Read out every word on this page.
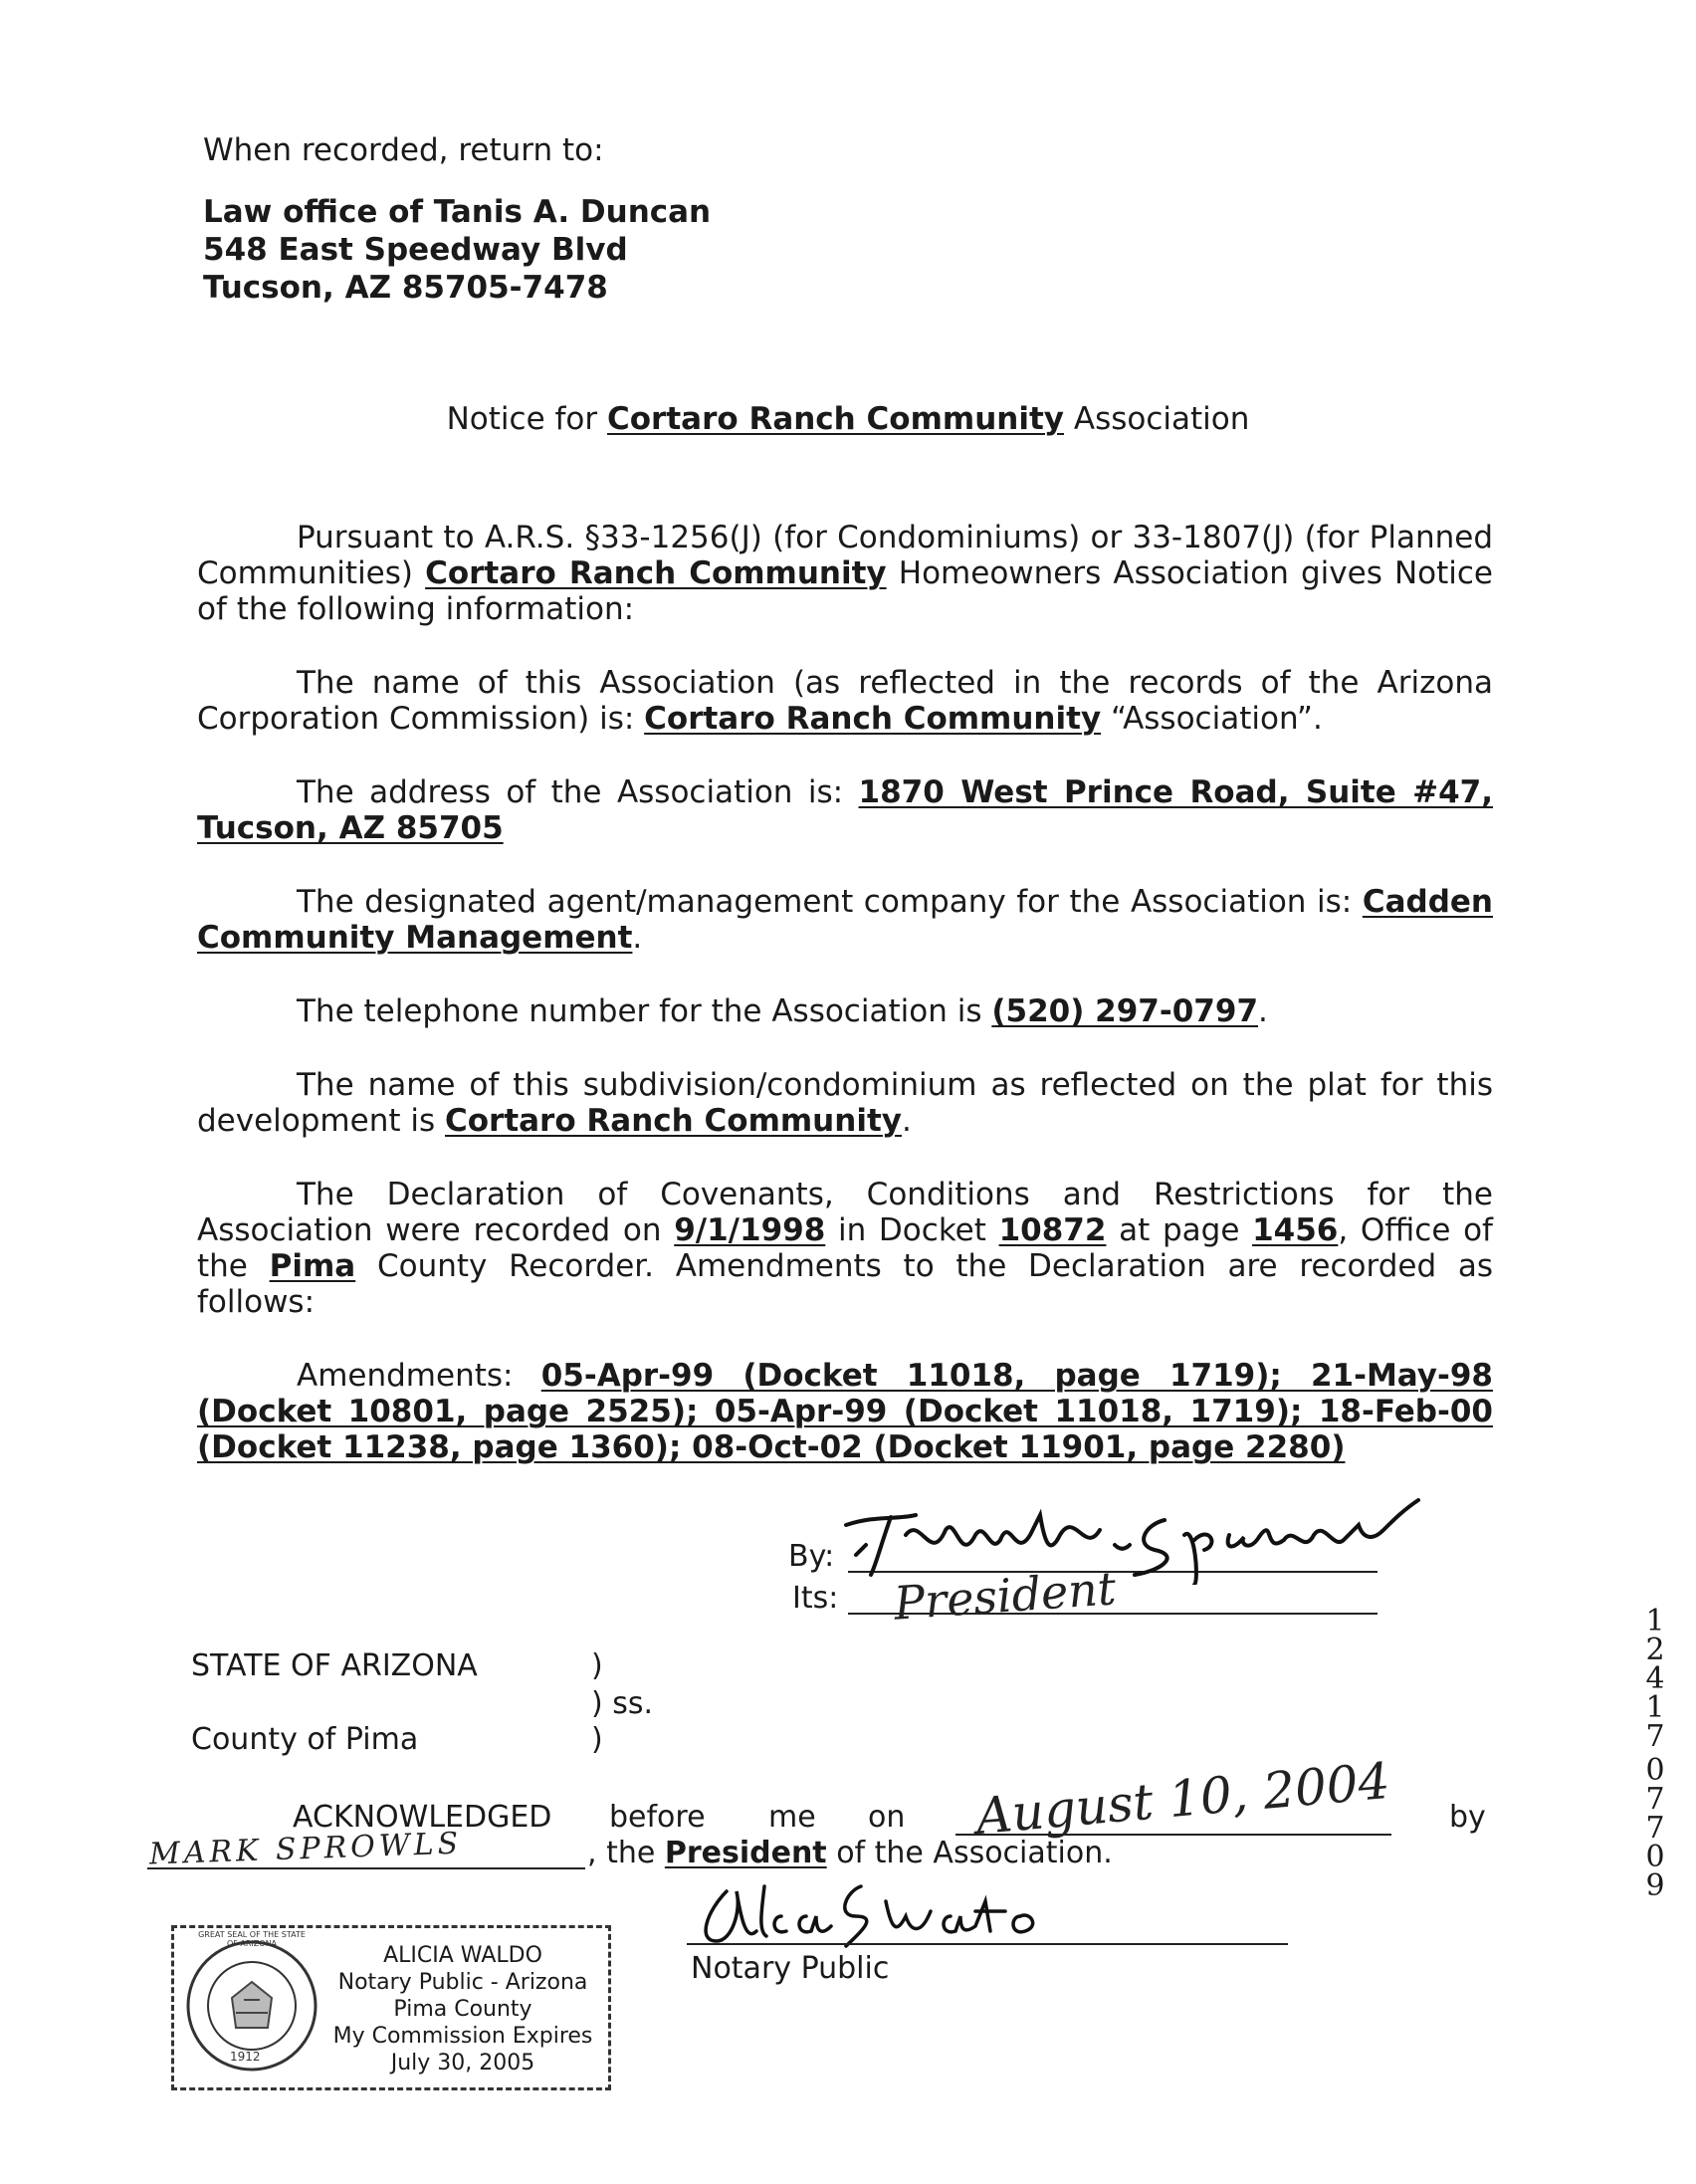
When recorded, return to:
Law office of Tanis A. Duncan
548 East Speedway Blvd
Tucson, AZ 85705-7478
Notice for Cortaro Ranch Community Association

Pursuant to A.R.S. §33-1256(J) (for Condominiums) or 33-1807(J) (for Planned Communities) Cortaro Ranch Community Homeowners Association gives Notice of the following information:

The name of this Association (as reflected in the records of the Arizona Corporation Commission) is: Cortaro Ranch Community “Association”.

The address of the Association is: 1870 West Prince Road, Suite #47, Tucson, AZ 85705

The designated agent/management company for the Association is: Cadden Community Management.

The telephone number for the Association is (520) 297-0797.

The name of this subdivision/condominium as reflected on the plat for this development is Cortaro Ranch Community.

The Declaration of Covenants, Conditions and Restrictions for the Association were recorded on 9/1/1998 in Docket 10872 at page 1456, Office of the Pima County Recorder. Amendments to the Declaration are recorded as follows:

Amendments: 05-Apr-99 (Docket 11018, page 1719); 21-May-98 (Docket 10801, page 2525); 05-Apr-99 (Docket 11018, 1719); 18-Feb-00 (Docket 11238, page 1360); 08-Oct-02 (Docket 11901, page 2280)

By:
Its: President
STATE OF ARIZONA	)
) ss.
County of Pima	)
ACKNOWLEDGED before me on August 10, 2004 by
MARK SPROWLS	, the President of the Association.
Notary Public
GREAT SEAL OF THE STATE OF ARIZONA
1912
ALICIA WALDO
Notary Public - Arizona
Pima County
My Commission Expires
July 30, 2005
12417
07709
